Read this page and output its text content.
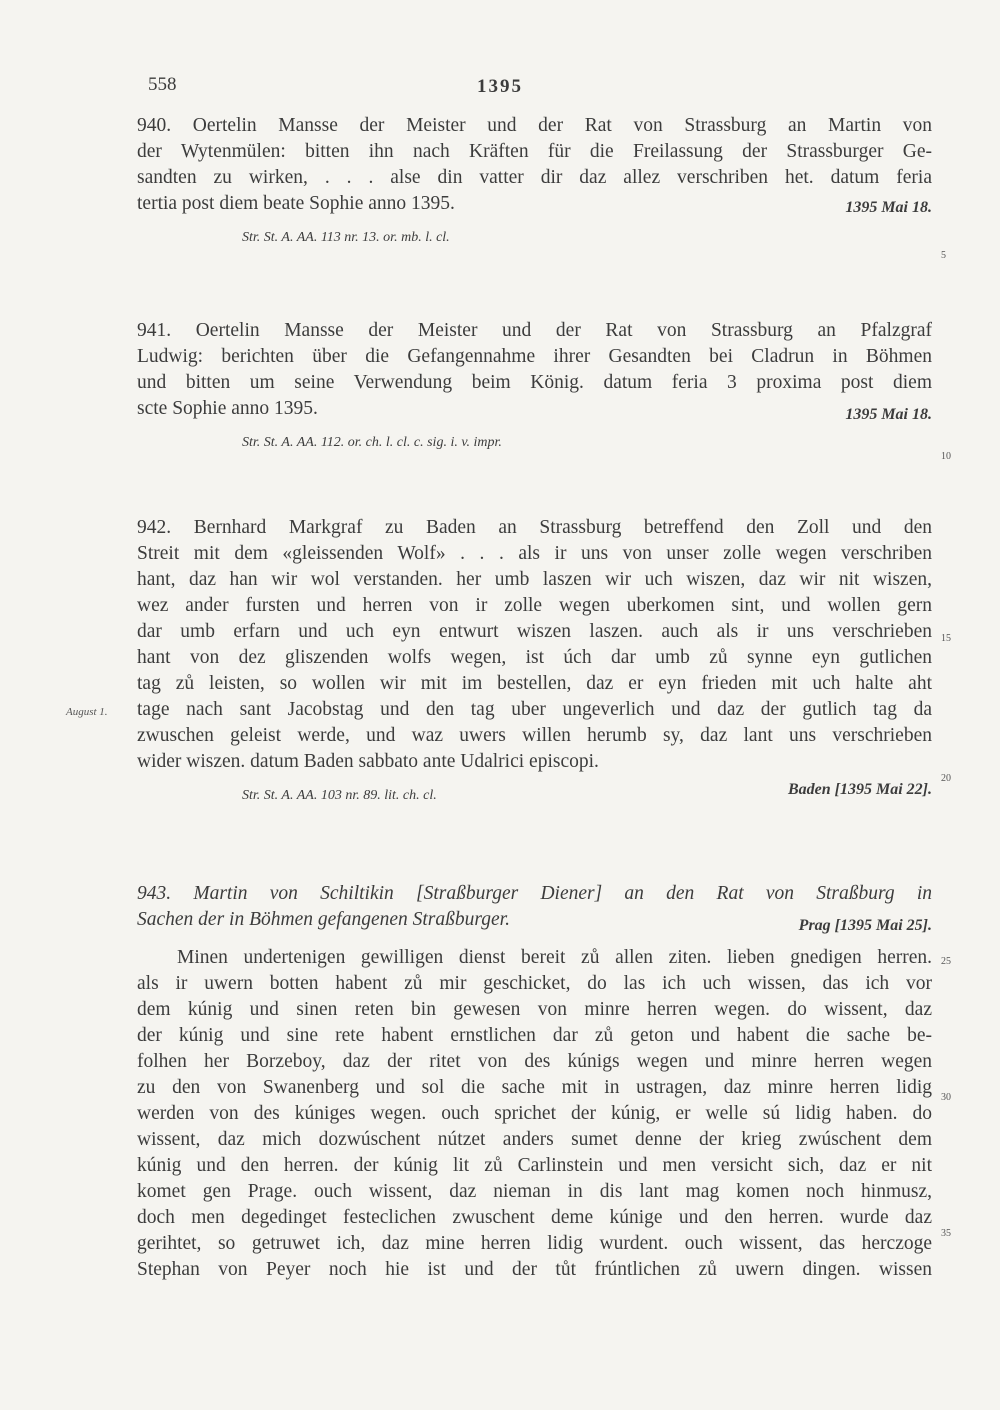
558	1395
940. Oertelin Mansse der Meister und der Rat von Strassburg an Martin von
der Wytenmülen: bitten ihn nach Kräften für die Freilassung der Strassburger Ge-
sandten zu wirken, . . . alse din vatter dir daz allez verschriben het. datum feria
tertia post diem beate Sophie anno 1395.	1395 Mai 18.
Str. St. A. AA. 113 nr. 13. or. mb. l. cl.
941. Oertelin Mansse der Meister und der Rat von Strassburg an Pfalzgraf
Ludwig: berichten über die Gefangennahme ihrer Gesandten bei Cladrun in Böhmen
und bitten um seine Verwendung beim König. datum feria 3 proxima post diem
scte Sophie anno 1395.	1395 Mai 18.
Str. St. A. AA. 112. or. ch. l. cl. c. sig. i. v. impr.
942. Bernhard Markgraf zu Baden an Strassburg betreffend den Zoll und den
Streit mit dem «gleissenden Wolf» . . . als ir uns von unser zolle wegen verschriben
hant, daz han wir wol verstanden. her umb laszen wir uch wiszen, daz wir nit wiszen,
wez ander fursten und herren von ir zolle wegen uberkomen sint, und wollen gern
dar umb erfarn und uch eyn entwurt wiszen laszen. auch als ir uns verschrieben
hant von dez gliszenden wolfs wegen, ist úch dar umb zů synne eyn gutlichen
tag zů leisten, so wollen wir mit im bestellen, daz er eyn frieden mit uch halte aht
tage nach sant Jacobstag und den tag uber ungeverlich und daz der gutlich tag da
zwuschen geleist werde, und waz uwers willen herumb sy, daz lant uns verschrieben
wider wiszen. datum Baden sabbato ante Udalrici episcopi.
Str. St. A. AA. 103 nr. 89. lit. ch. cl.	Baden [1395 Mai 22].
August 1.
943. Martin von Schiltikin [Straßburger Diener] an den Rat von Straßburg in
Sachen der in Böhmen gefangenen Straßburger.	Prag [1395 Mai 25].
Minen undertenigen gewilligen dienst bereit zů allen ziten. lieben gnedigen herren.
als ir uwern botten habent zů mir geschicket, do las ich uch wissen, das ich vor
dem kúnig und sinen reten bin gewesen von minre herren wegen. do wissent, daz
der kúnig und sine rete habent ernstlichen dar zů geton und habent die sache be-
folhen her Borzeboy, daz der ritet von des kúnigs wegen und minre herren wegen
zu den von Swanenberg und sol die sache mit in ustragen, daz minre herren lidig
werden von des kúniges wegen. ouch sprichet der kúnig, er welle sú lidig haben. do
wissent, daz mich dozwúschent nútzet anders sumet denne der krieg zwúschent dem
kúnig und den herren. der kúnig lit zů Carlinstein und men versicht sich, daz er nit
komet gen Prage. ouch wissent, daz nieman in dis lant mag komen noch hinmusz,
doch men degedinget festeclichen zwuschent deme kúnige und den herren. wurde daz
gerihtet, so getruwet ich, daz mine herren lidig wurdent. ouch wissent, das herczoge
Stephan von Peyer noch hie ist und der tůt frúntlichen zů uwern dingen. wissen
5
10
15
20
25
30
35
